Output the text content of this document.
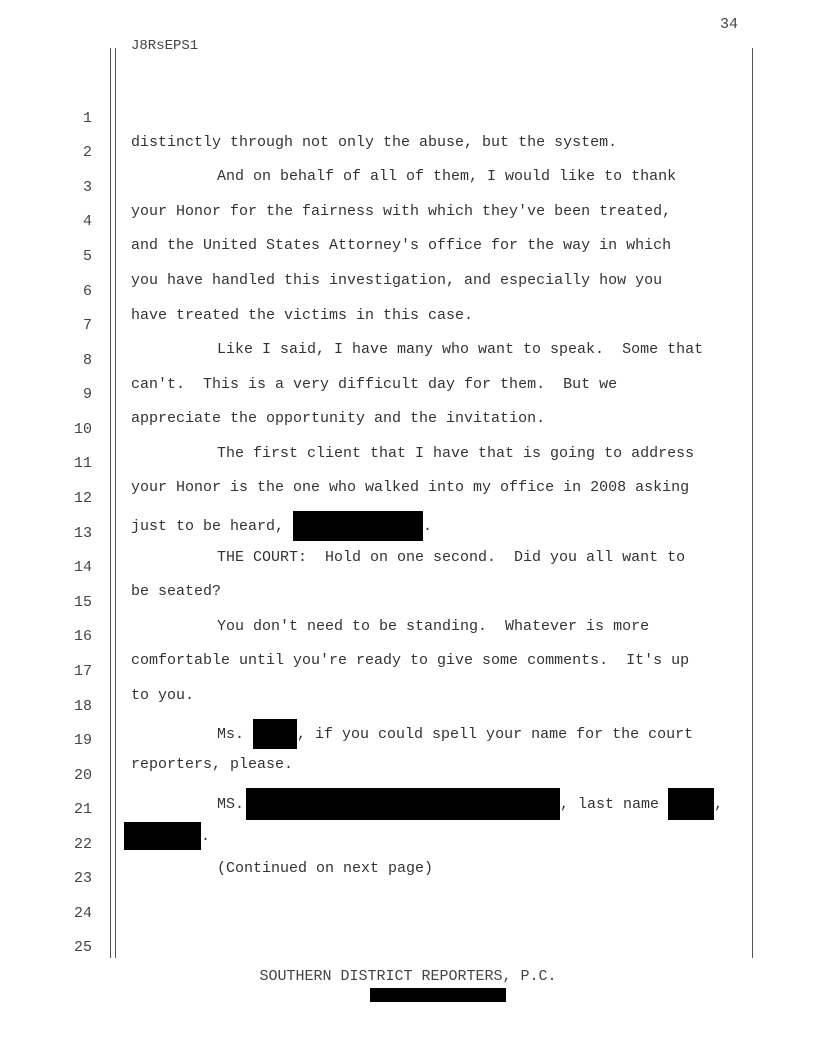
34
J8RsEPS1

1

distinctly through not only the abuse, but the system.

2

And on behalf of all of them, I would like to thank

3

your Honor for the fairness with which they've been treated,

4

and the United States Attorney's office for the way in which

5

you have handled this investigation, and especially how you

6

have treated the victims in this case.

7

Like I said, I have many who want to speak.  Some that

8

can't.  This is a very difficult day for them.  But we

9

appreciate the opportunity and the invitation.

10

The first client that I have that is going to address

11

your Honor is the one who walked into my office in 2008 asking

12

just to be heard,	.

13

THE COURT:  Hold on one second.  Did you all want to

14

be seated?

15

You don't need to be standing.  Whatever is more

16

comfortable until you're ready to give some comments.  It's up

17

to you.

18

Ms.	, if you could spell your name for the court

19

reporters, please.

20

MS.	, last name	,

21

.

22

(Continued on next page)

23

24

25

SOUTHERN DISTRICT REPORTERS, P.C.
